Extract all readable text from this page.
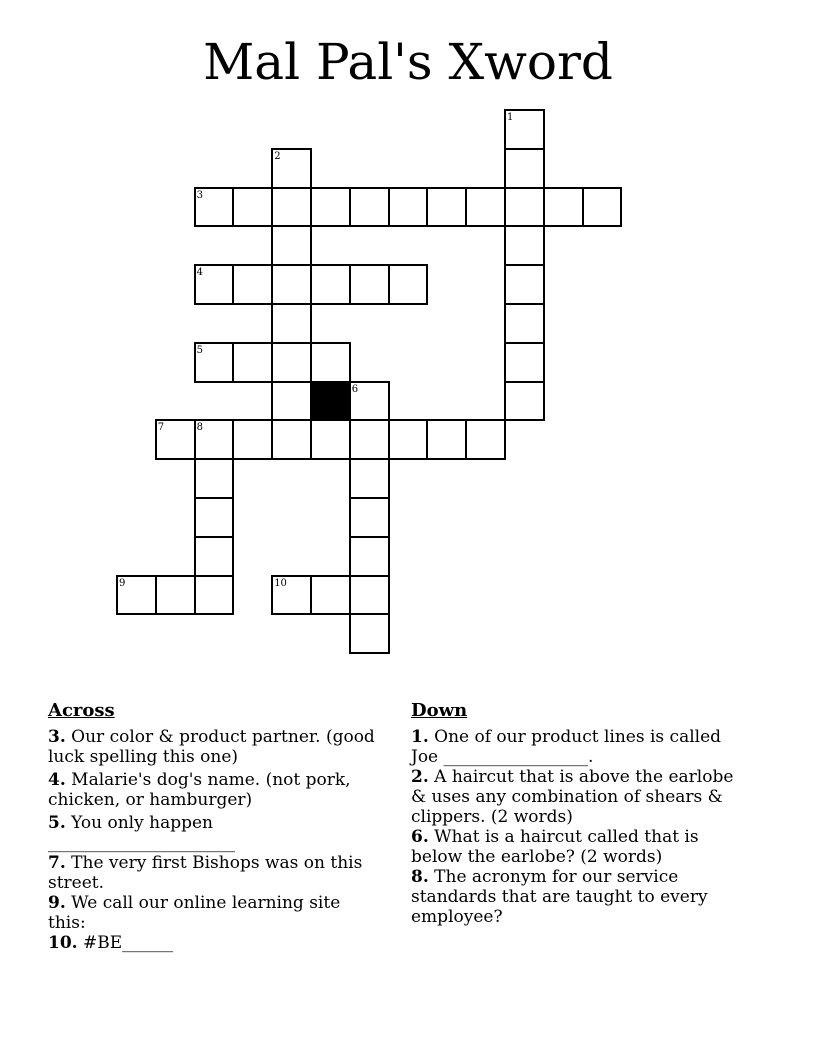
Mal Pal's Xword
1
2
3
4
5
6
7	8
9	10
Across
3. Our color & product partner. (good luck spelling this one)
4. Malarie's dog's name. (not pork, chicken, or hamburger)
5. You only happen ______________________
7. The very first Bishops was on this street.
9. We call our online learning site this:
10. #BE______
Down
1. One of our product lines is called Joe _________________.
2. A haircut that is above the earlobe & uses any combination of shears & clippers. (2 words)
6. What is a haircut called that is below the earlobe? (2 words)
8. The acronym for our service standards that are taught to every employee?
